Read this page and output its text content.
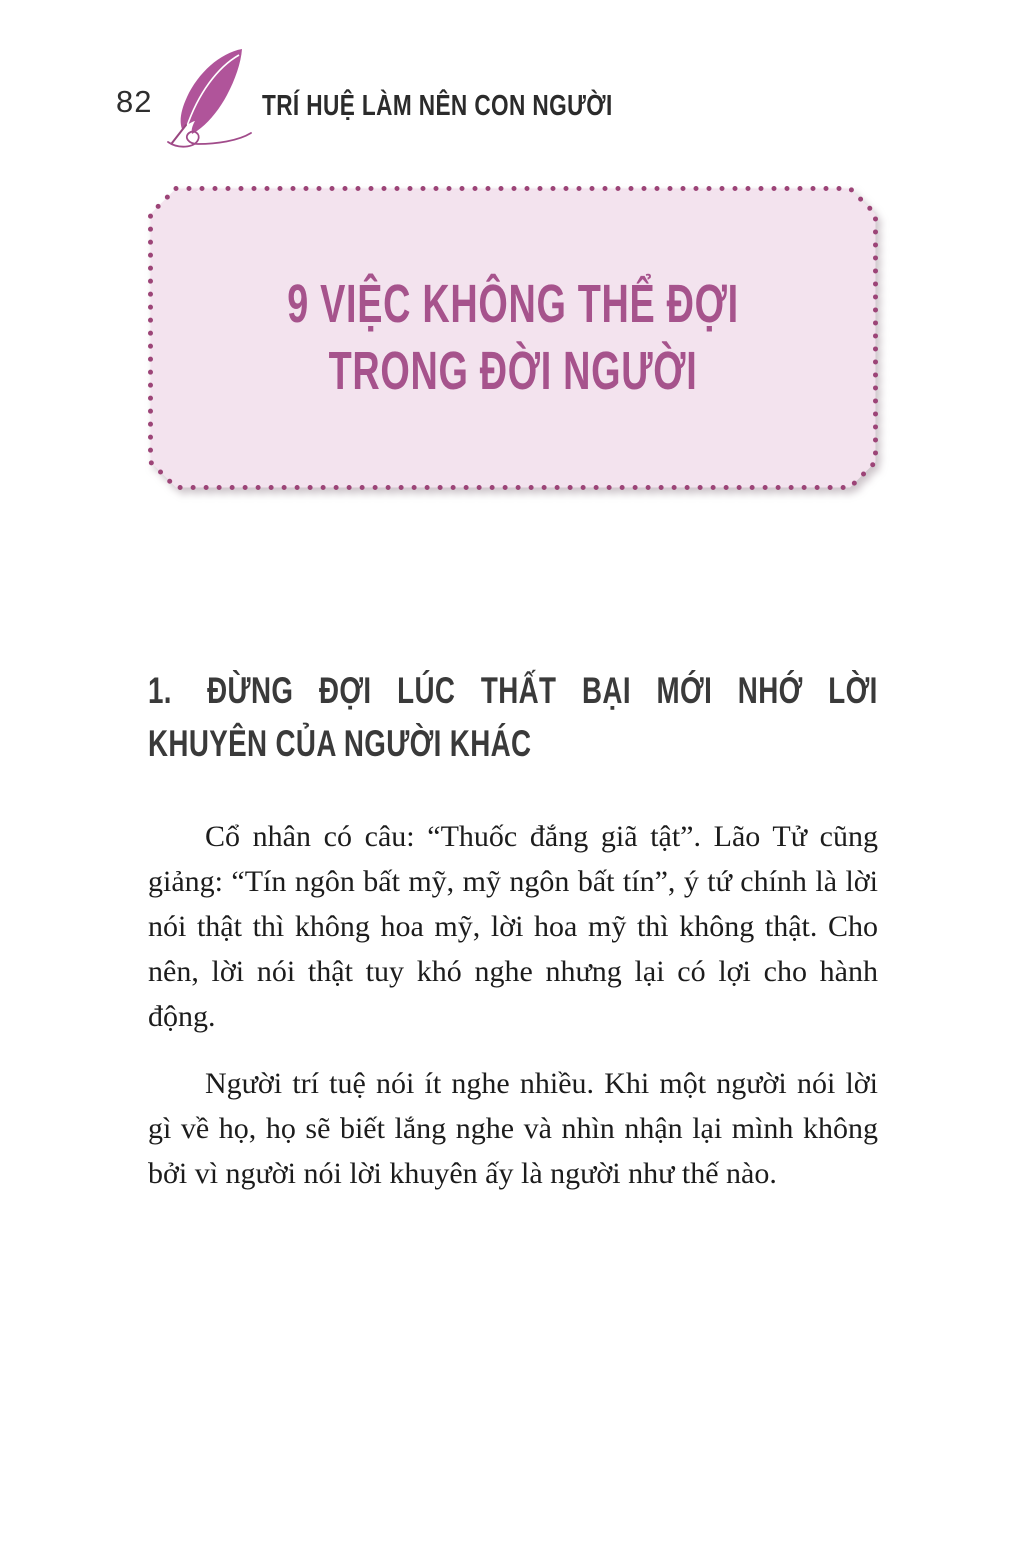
82	TRÍ HUỆ LÀM NÊN CON NGƯỜI
9 VIỆC KHÔNG THỂ ĐỢI
TRONG ĐỜI NGƯỜI
1. ĐỪNG ĐỢI LÚC THẤT BẠI MỚI NHỚ LỜI KHUYÊN CỦA NGƯỜI KHÁC

Cổ nhân có câu: “Thuốc đắng giã tật”. Lão Tử cũng giảng: “Tín ngôn bất mỹ, mỹ ngôn bất tín”, ý tứ chính là lời nói thật thì không hoa mỹ, lời hoa mỹ thì không thật. Cho nên, lời nói thật tuy khó nghe nhưng lại có lợi cho hành động.

Người trí tuệ nói ít nghe nhiều. Khi một người nói lời gì về họ, họ sẽ biết lắng nghe và nhìn nhận lại mình không bởi vì người nói lời khuyên ấy là người như thế nào.
